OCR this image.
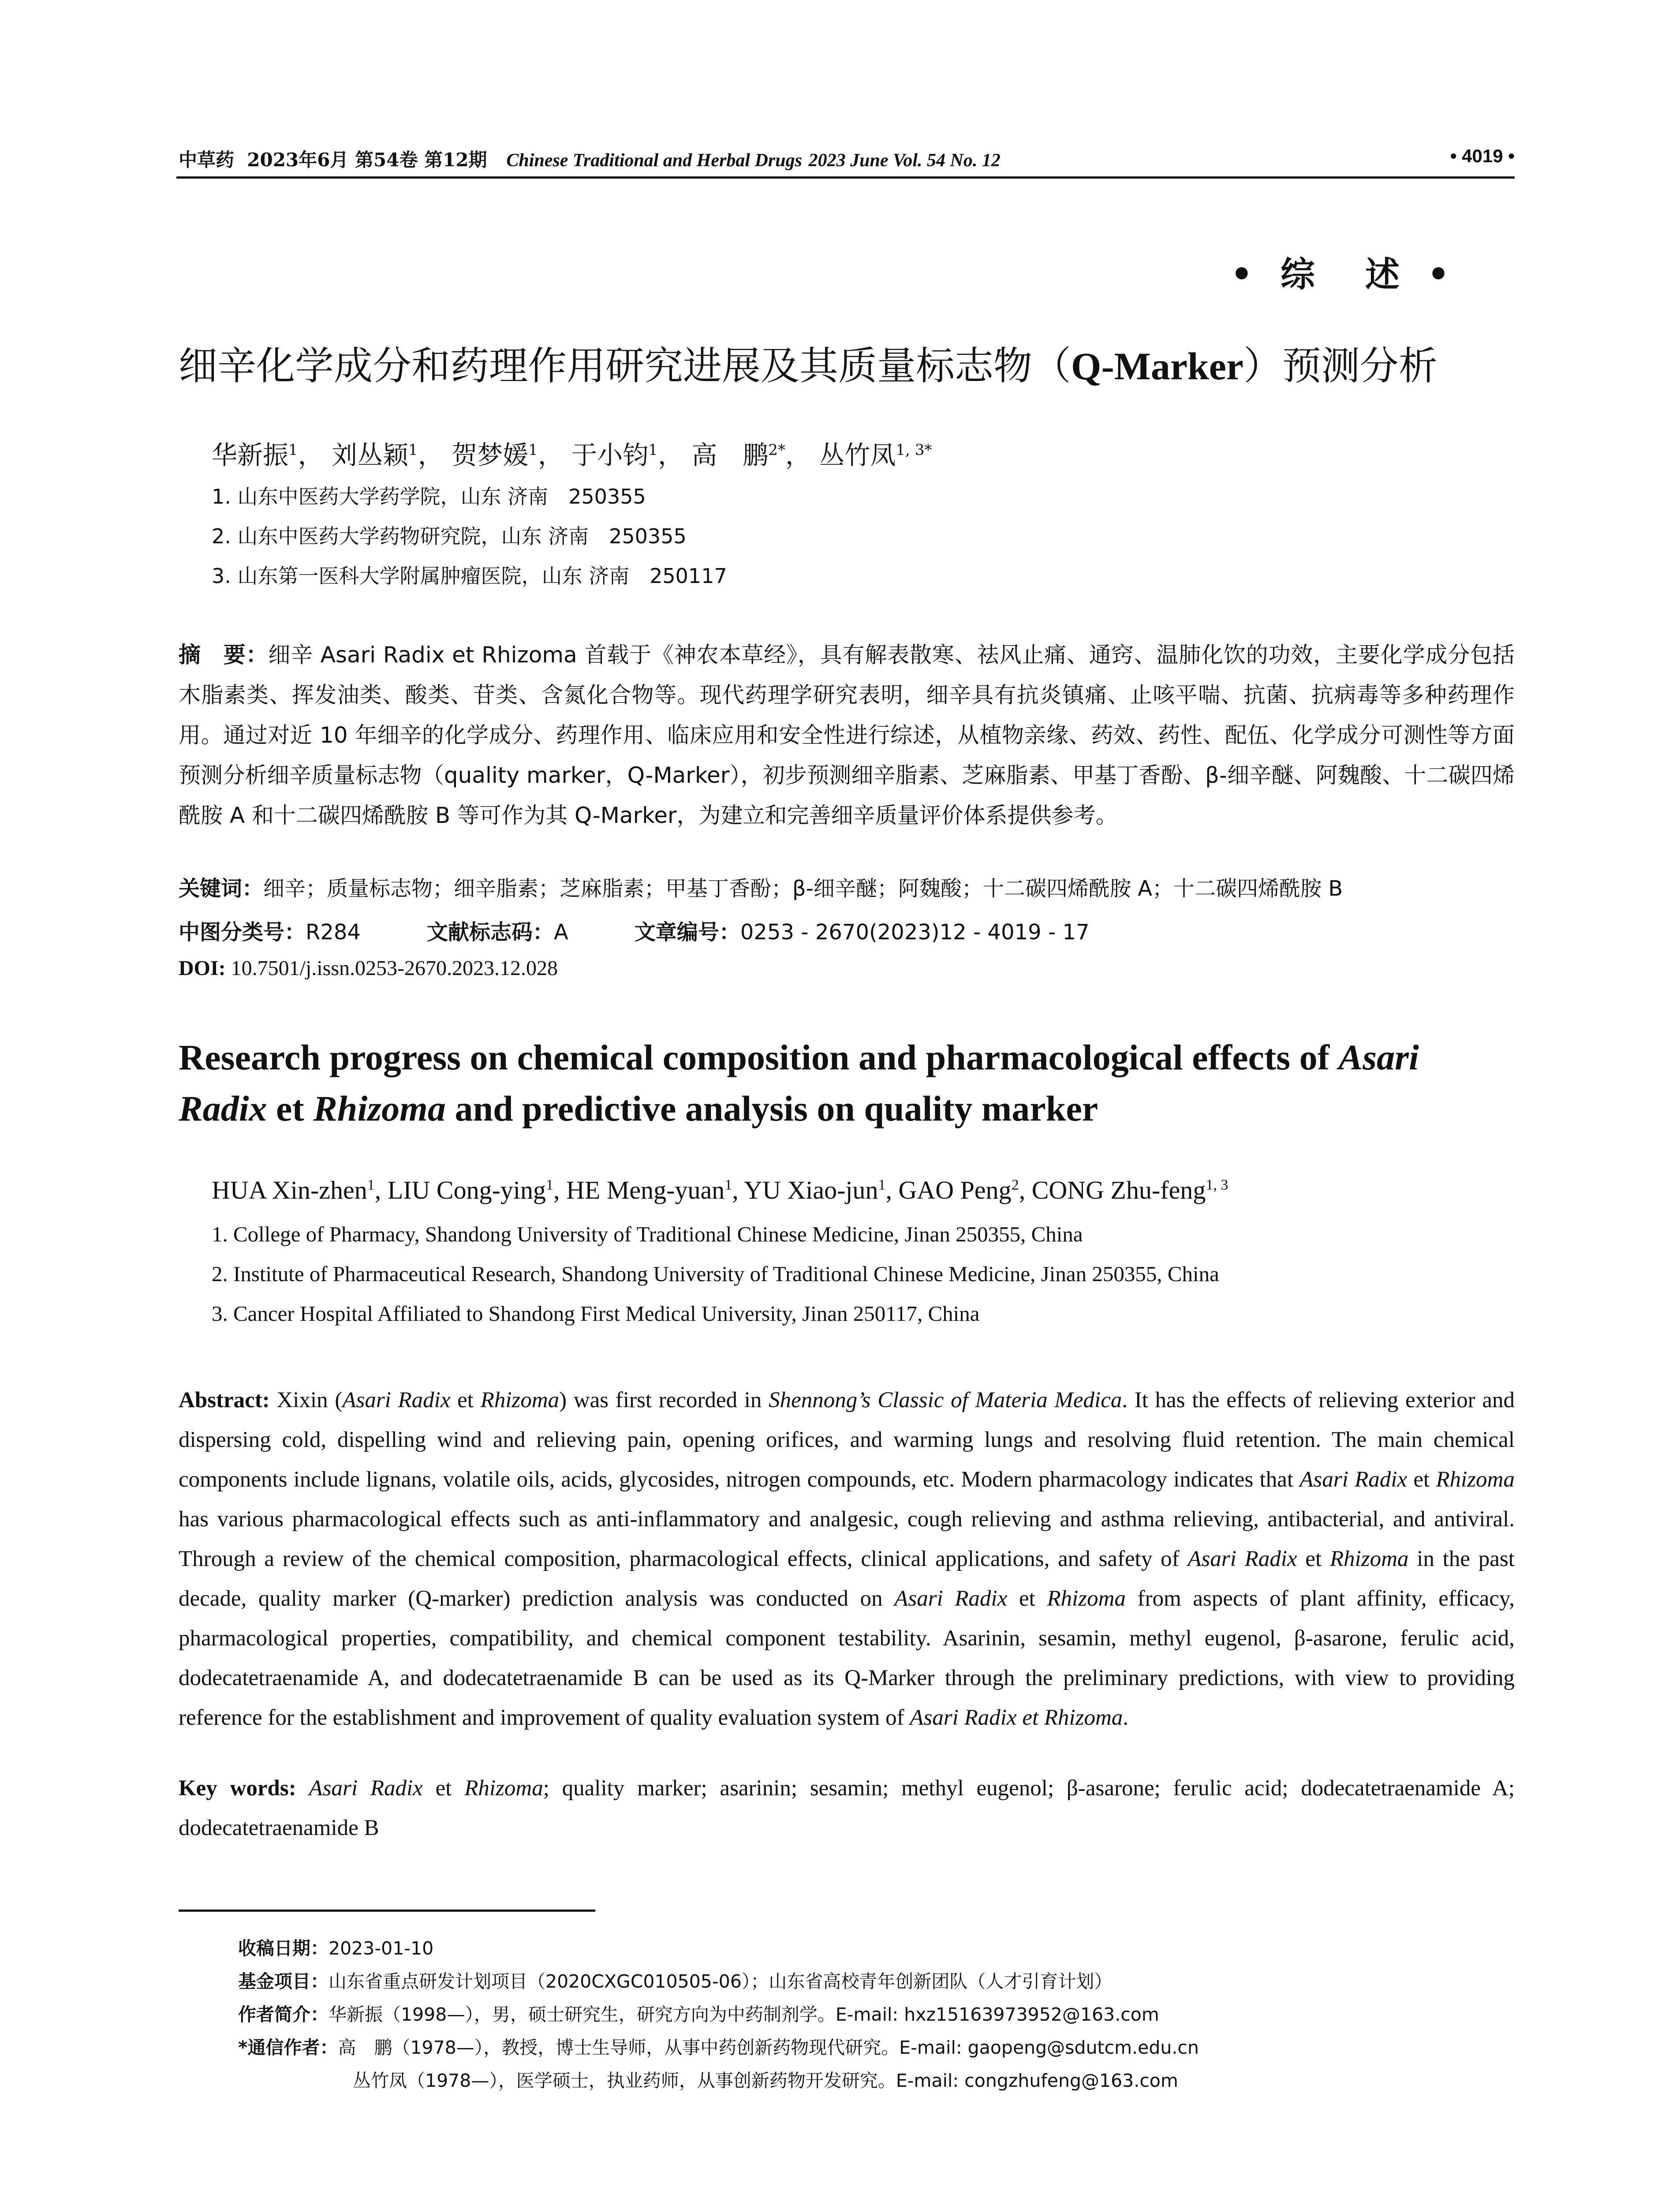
中草药 2023年6月 第54卷 第12期 Chinese Traditional and Herbal Drugs 2023 June Vol. 54 No. 12	• 4019 •
• 综　述 •
细辛化学成分和药理作用研究进展及其质量标志物（Q-Marker）预测分析
华新振$^1$， 刘丛颖$^1$， 贺梦媛$^1$， 于小钧$^1$， 高　鹏$^{2*}$， 丛竹凤$^{1, 3*}$
1. 山东中医药大学药学院，山东 济南　250355
2. 山东中医药大学药物研究院，山东 济南　250355
3. 山东第一医科大学附属肿瘤医院，山东 济南　250117
摘　要：细辛 Asari Radix et Rhizoma 首载于《神农本草经》，具有解表散寒、祛风止痛、通窍、温肺化饮的功效，主要化学成分包括木脂素类、挥发油类、酸类、苷类、含氮化合物等。现代药理学研究表明，细辛具有抗炎镇痛、止咳平喘、抗菌、抗病毒等多种药理作用。通过对近 10 年细辛的化学成分、药理作用、临床应用和安全性进行综述，从植物亲缘、药效、药性、配伍、化学成分可测性等方面预测分析细辛质量标志物（quality marker，Q-Marker），初步预测细辛脂素、芝麻脂素、甲基丁香酚、β-细辛醚、阿魏酸、十二碳四烯酰胺 A 和十二碳四烯酰胺 B 等可作为其 Q-Marker，为建立和完善细辛质量评价体系提供参考。
关键词：细辛；质量标志物；细辛脂素；芝麻脂素；甲基丁香酚；β-细辛醚；阿魏酸；十二碳四烯酰胺 A；十二碳四烯酰胺 B
中图分类号：R284	文献标志码：A	文章编号：0253 - 2670(2023)12 - 4019 - 17
DOI: 10.7501/j.issn.0253-2670.2023.12.028
Research progress on chemical composition and pharmacological effects of Asari Radix et Rhizoma and predictive analysis on quality marker
HUA Xin-zhen$^1$, LIU Cong-ying$^1$, HE Meng-yuan$^1$, YU Xiao-jun$^1$, GAO Peng$^2$, CONG Zhu-feng$^{1, 3}$
1. College of Pharmacy, Shandong University of Traditional Chinese Medicine, Jinan 250355, China
2. Institute of Pharmaceutical Research, Shandong University of Traditional Chinese Medicine, Jinan 250355, China
3. Cancer Hospital Affiliated to Shandong First Medical University, Jinan 250117, China
Abstract: Xixin (Asari Radix et Rhizoma) was first recorded in Shennong’s Classic of Materia Medica. It has the effects of relieving exterior and dispersing cold, dispelling wind and relieving pain, opening orifices, and warming lungs and resolving fluid retention. The main chemical components include lignans, volatile oils, acids, glycosides, nitrogen compounds, etc. Modern pharmacology indicates that Asari Radix et Rhizoma has various pharmacological effects such as anti-inflammatory and analgesic, cough relieving and asthma relieving, antibacterial, and antiviral. Through a review of the chemical composition, pharmacological effects, clinical applications, and safety of Asari Radix et Rhizoma in the past decade, quality marker (Q-marker) prediction analysis was conducted on Asari Radix et Rhizoma from aspects of plant affinity, efficacy, pharmacological properties, compatibility, and chemical component testability. Asarinin, sesamin, methyl eugenol, β-asarone, ferulic acid, dodecatetraenamide A, and dodecatetraenamide B can be used as its Q-Marker through the preliminary predictions, with view to providing reference for the establishment and improvement of quality evaluation system of Asari Radix et Rhizoma.
Key words: Asari Radix et Rhizoma; quality marker; asarinin; sesamin; methyl eugenol; β-asarone; ferulic acid; dodecatetraenamide A; dodecatetraenamide B
收稿日期：2023-01-10
基金项目：山东省重点研发计划项目（2020CXGC010505-06）；山东省高校青年创新团队（人才引育计划）
作者简介：华新振（1998—），男，硕士研究生，研究方向为中药制剂学。E-mail: hxz15163973952@163.com
*通信作者：高　鹏（1978—），教授，博士生导师，从事中药创新药物现代研究。E-mail: gaopeng@sdutcm.edu.cn
丛竹凤（1978—），医学硕士，执业药师，从事创新药物开发研究。E-mail: congzhufeng@163.com
